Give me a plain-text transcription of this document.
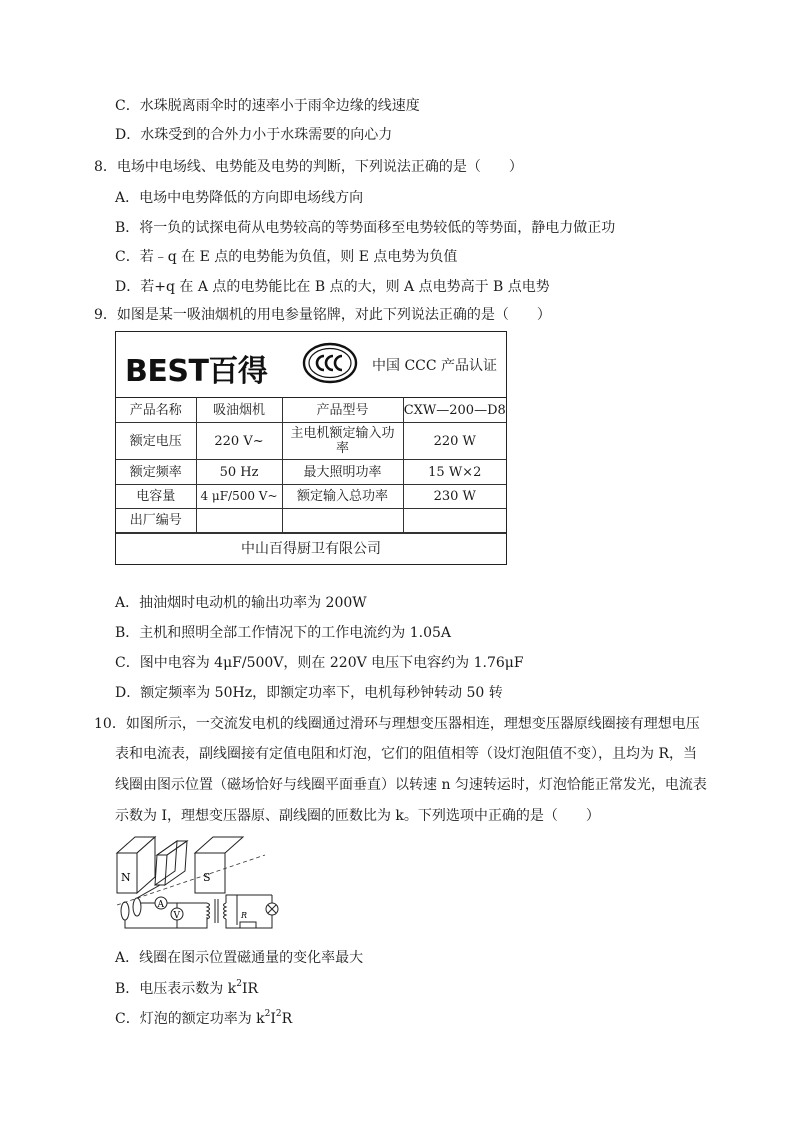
C．水珠脱离雨伞时的速率小于雨伞边缘的线速度
D．水珠受到的合外力小于水珠需要的向心力
8．电场中电场线、电势能及电势的判断，下列说法正确的是（　　）
A．电场中电势降低的方向即电场线方向
B．将一负的试探电荷从电势较高的等势面移至电势较低的等势面，静电力做正功
C．若﹣q 在 E 点的电势能为负值，则 E 点电势为负值
D．若+q 在 A 点的电势能比在 B 点的大，则 A 点电势高于 B 点电势
9．如图是某一吸油烟机的用电参量铭牌，对此下列说法正确的是（　　）
BEST百得	中国 CCC 产品认证
产品名称	吸油烟机	产品型号	CXW—200—D8
额定电压	220 V~	主电机额定输入功率	220 W
额定频率	50 Hz	最大照明功率	15 W×2
电容量	4 μF/500 V~	额定输入总功率	230 W
出厂编号			
中山百得厨卫有限公司
A．抽油烟时电动机的输出功率为 200W
B．主机和照明全部工作情况下的工作电流约为 1.05A
C．图中电容为 4μF/500V，则在 220V 电压下电容约为 1.76μF
D．额定频率为 50Hz，即额定功率下，电机每秒钟转动 50 转
10．如图所示，一交流发电机的线圈通过滑环与理想变压器相连，理想变压器原线圈接有理想电压
表和电流表，副线圈接有定值电阻和灯泡，它们的阻值相等（设灯泡阻值不变），且均为 R，当
线圈由图示位置（磁场恰好与线圈平面垂直）以转速 n 匀速转运时，灯泡恰能正常发光，电流表
示数为 I，理想变压器原、副线圈的匝数比为 k。下列选项中正确的是（　　）
N	S
A
V	R
A．线圈在图示位置磁通量的变化率最大
B．电压表示数为 $k^2IR$
C．灯泡的额定功率为 $k^2I^2R$
